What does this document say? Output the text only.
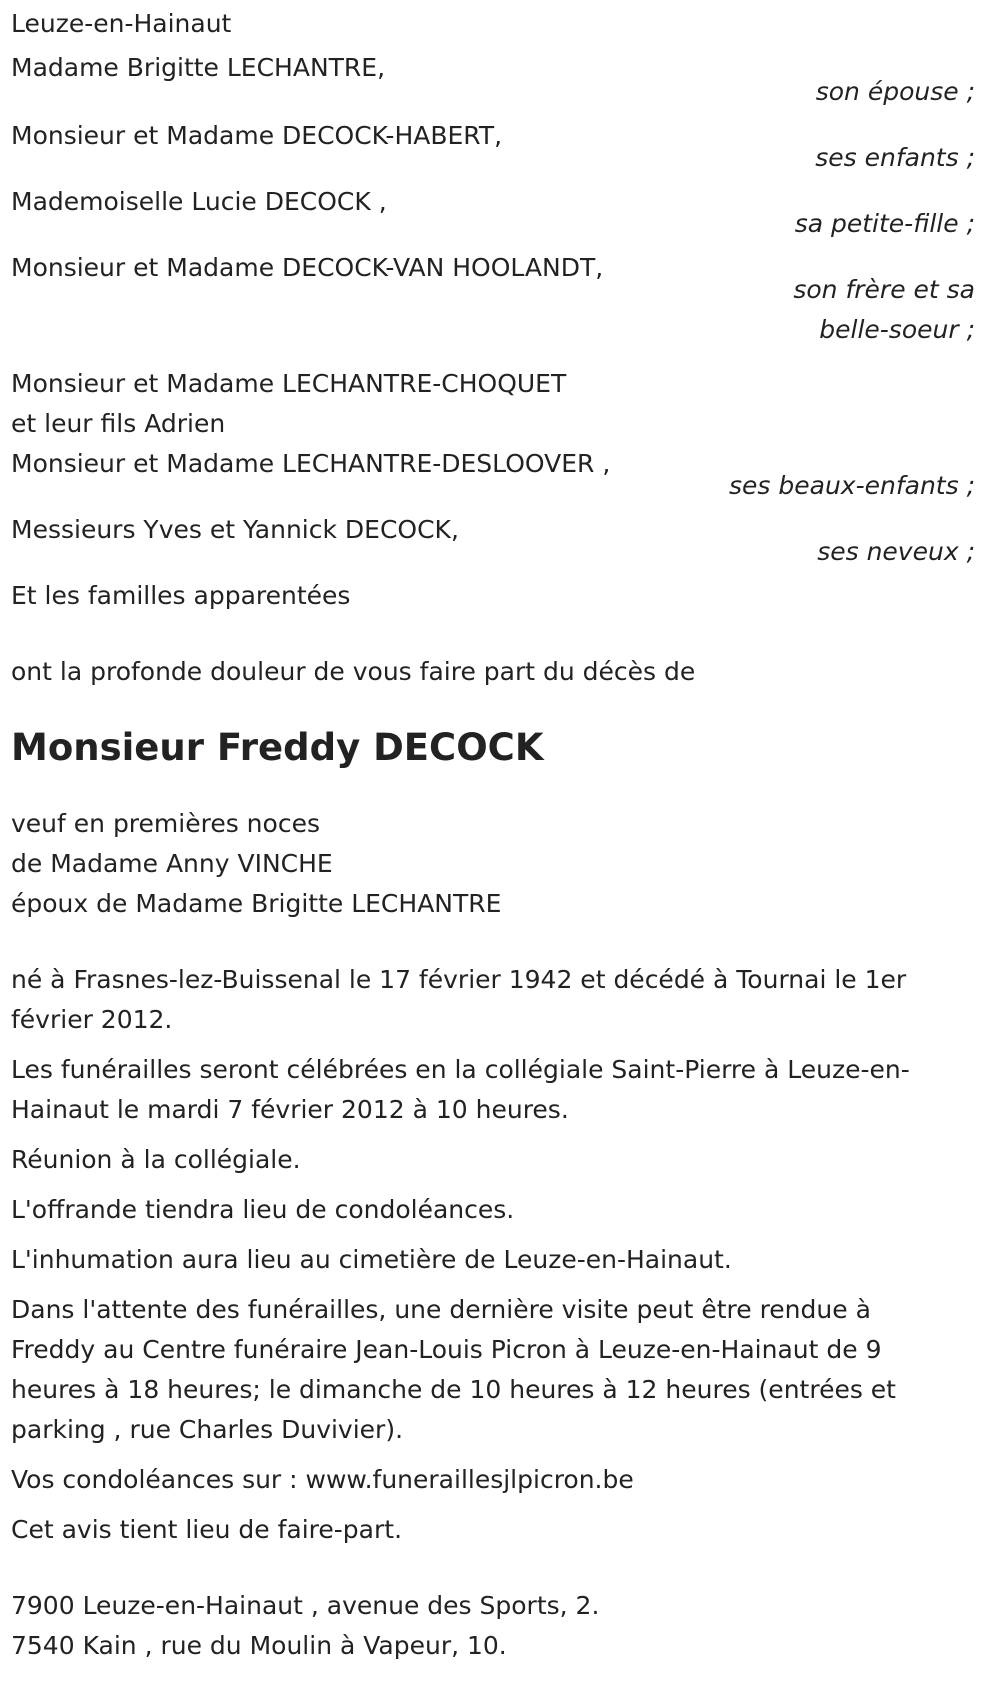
Leuze-en-Hainaut

Madame Brigitte LECHANTRE,

son épouse ;

Monsieur et Madame DECOCK-HABERT,

ses enfants ;

Mademoiselle Lucie DECOCK ,

sa petite-fille ;

Monsieur et Madame DECOCK-VAN HOOLANDT,

son frère et sa

belle-soeur ;

Monsieur et Madame LECHANTRE-CHOQUET

et leur fils Adrien

Monsieur et Madame LECHANTRE-DESLOOVER ,

ses beaux-enfants ;

Messieurs Yves et Yannick DECOCK,

ses neveux ;

Et les familles apparentées

ont la profonde douleur de vous faire part du décès de

Monsieur Freddy DECOCK

veuf en premières noces

de Madame Anny VINCHE

époux de Madame Brigitte LECHANTRE

né à Frasnes-lez-Buissenal le 17 février 1942 et décédé à Tournai le 1er février 2012.

Les funérailles seront célébrées en la collégiale Saint-Pierre à Leuze-en-Hainaut le mardi 7 février 2012 à 10 heures.

Réunion à la collégiale.

L'offrande tiendra lieu de condoléances.

L'inhumation aura lieu au cimetière de Leuze-en-Hainaut.

Dans l'attente des funérailles, une dernière visite peut être rendue à Freddy au Centre funéraire Jean-Louis Picron à Leuze-en-Hainaut de 9 heures à 18 heures; le dimanche de 10 heures à 12 heures (entrées et parking , rue Charles Duvivier).

Vos condoléances sur : www.funeraillesjlpicron.be

Cet avis tient lieu de faire-part.

7900 Leuze-en-Hainaut , avenue des Sports, 2.

7540 Kain , rue du Moulin à Vapeur, 10.
